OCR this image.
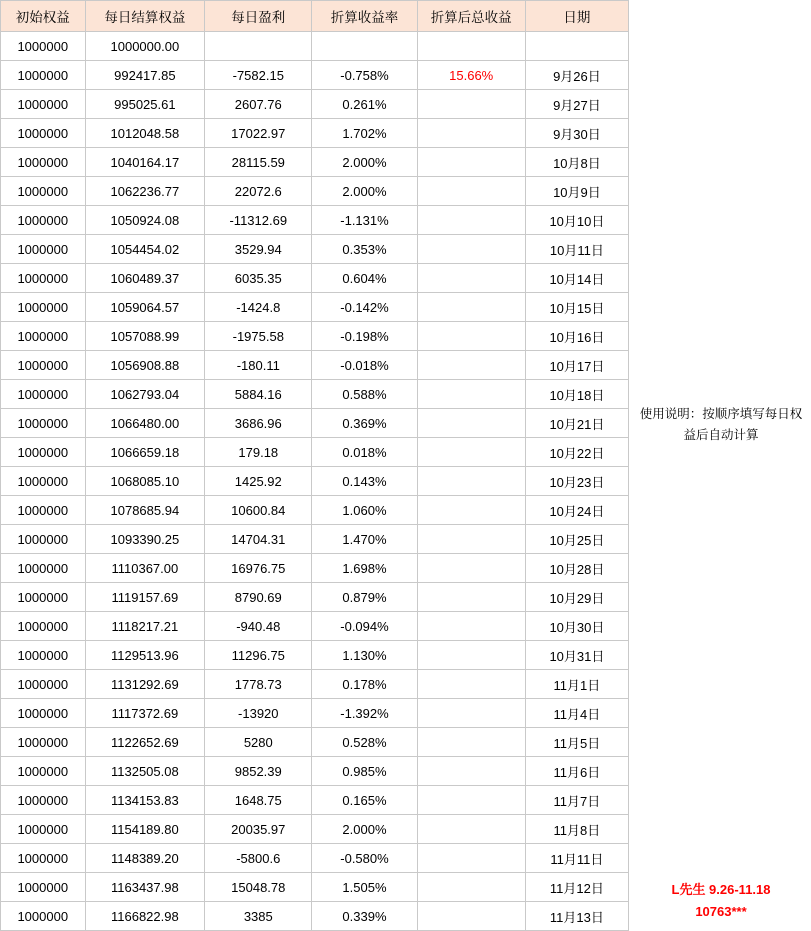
初始权益	每日结算权益	每日盈利	折算收益率	折算后总收益	日期
1000000	1000000.00				
1000000	992417.85	-7582.15	-0.758%	15.66%	9月26日
1000000	995025.61	2607.76	0.261%		9月27日
1000000	1012048.58	17022.97	1.702%		9月30日
1000000	1040164.17	28115.59	2.000%		10月8日
1000000	1062236.77	22072.6	2.000%		10月9日
1000000	1050924.08	-11312.69	-1.131%		10月10日
1000000	1054454.02	3529.94	0.353%		10月11日
1000000	1060489.37	6035.35	0.604%		10月14日
1000000	1059064.57	-1424.8	-0.142%		10月15日
1000000	1057088.99	-1975.58	-0.198%		10月16日
1000000	1056908.88	-180.11	-0.018%		10月17日
1000000	1062793.04	5884.16	0.588%		10月18日
1000000	1066480.00	3686.96	0.369%		10月21日
1000000	1066659.18	179.18	0.018%		10月22日
1000000	1068085.10	1425.92	0.143%		10月23日
1000000	1078685.94	10600.84	1.060%		10月24日
1000000	1093390.25	14704.31	1.470%		10月25日
1000000	1110367.00	16976.75	1.698%		10月28日
1000000	1119157.69	8790.69	0.879%		10月29日
1000000	1118217.21	-940.48	-0.094%		10月30日
1000000	1129513.96	11296.75	1.130%		10月31日
1000000	1131292.69	1778.73	0.178%		11月1日
1000000	1117372.69	-13920	-1.392%		11月4日
1000000	1122652.69	5280	0.528%		11月5日
1000000	1132505.08	9852.39	0.985%		11月6日
1000000	1134153.83	1648.75	0.165%		11月7日
1000000	1154189.80	20035.97	2.000%		11月8日
1000000	1148389.20	-5800.6	-0.580%		11月11日
1000000	1163437.98	15048.78	1.505%		11月12日
1000000	1166822.98	3385	0.339%		11月13日
使用说明：按顺序填写每日权益后自动计算
L先生 9.26-11.18
10763***
